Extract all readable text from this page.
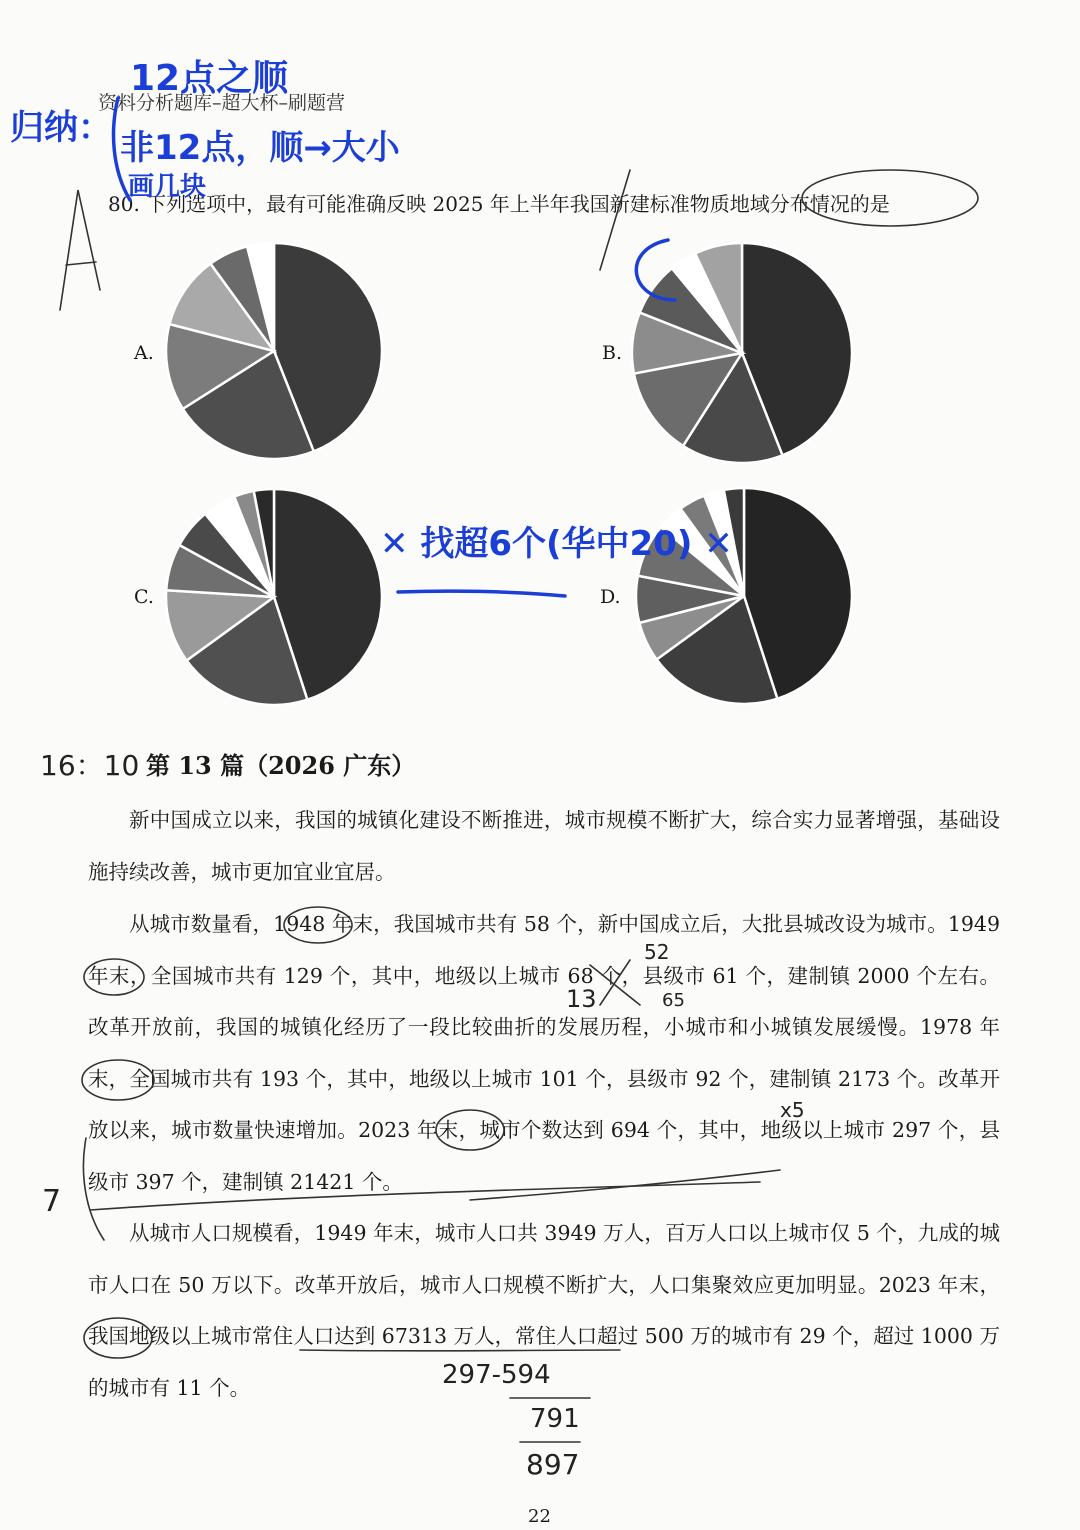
资料分析题库–超大杯–刷题营
80. 下列选项中，最有可能准确反映 2025 年上半年我国新建标准物质地域分布情况的是
A.	B.
C.	D.
第 13 篇（2026 广东）
新中国成立以来，我国的城镇化建设不断推进，城市规模不断扩大，综合实力显著增强，基础设施持续改善，城市更加宜业宜居。
从城市数量看，1948 年末，我国城市共有 58 个，新中国成立后，大批县城改设为城市。1949 年末，全国城市共有 129 个，其中，地级以上城市 68 个，县级市 61 个，建制镇 2000 个左右。改革开放前，我国的城镇化经历了一段比较曲折的发展历程，小城市和小城镇发展缓慢。1978 年末，全国城市共有 193 个，其中，地级以上城市 101 个，县级市 92 个，建制镇 2173 个。改革开放以来，城市数量快速增加。2023 年末，城市个数达到 694 个，其中，地级以上城市 297 个，县级市 397 个，建制镇 21421 个。
从城市人口规模看，1949 年末，城市人口共 3949 万人，百万人口以上城市仅 5 个，九成的城市人口在 50 万以下。改革开放后，城市人口规模不断扩大，人口集聚效应更加明显。2023 年末，我国地级以上城市常住人口达到 67313 万人，常住人口超过 500 万的城市有 29 个，超过 1000 万的城市有 11 个。
22
归纳：
12点之顺
非12点，顺→大小
画几块
✕ 找超6个(华中20) ✕
16：10
52
13	65
x5
7
297-594
791
897
